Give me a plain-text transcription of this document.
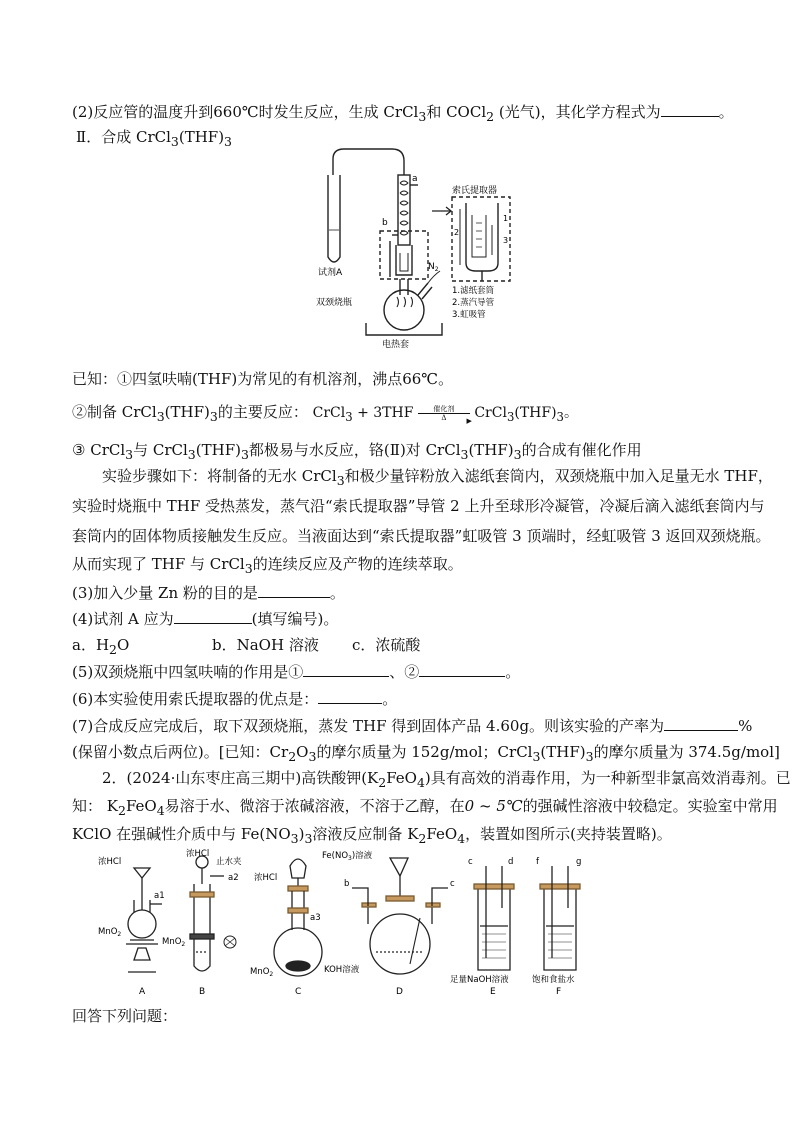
(2)反应管的温度升到660℃时发生反应，生成 CrCl$_3$和 COCl$_2$ (光气)，其化学方程式为	。
Ⅱ．合成 $CrCl_3(THF)_3$
a
b
试剂A
双颈烧瓶
$N_2$
电热套
索氏提取器
1
2
3
1.滤纸套筒
2.蒸汽导管
3.虹吸管
已知：①四氢呋喃(THF)为常见的有机溶剂，沸点66℃。
②制备 $CrCl_3(THF)_3$的主要反应： CrCl$_3$ + 3THF	催化剂
▶
Δ	$CrCl_3(THF)_3$。
③ CrCl$_3$与 $CrCl_3(THF)_3$都极易与水反应，铬(Ⅱ)对 $CrCl_3(THF)_3$的合成有催化作用
实验步骤如下：将制备的无水 CrCl$_3$和极少量锌粉放入滤纸套筒内，双颈烧瓶中加入足量无水 THF，
实验时烧瓶中 THF 受热蒸发，蒸气沿“索氏提取器”导管 2 上升至球形冷凝管，冷凝后滴入滤纸套筒内与
套筒内的固体物质接触发生反应。当液面达到“索氏提取器”虹吸管 3 顶端时，经虹吸管 3 返回双颈烧瓶。
从而实现了 THF 与 CrCl$_3$的连续反应及产物的连续萃取。
(3)加入少量 Zn 粉的目的是	。
(4)试剂 A 应为	(填写编号)。
a．$H_2O$	b．NaOH 溶液 c．浓硫酸
(5)双颈烧瓶中四氢呋喃的作用是①	、②	。
(6)本实验使用索氏提取器的优点是：	。
(7)合成反应完成后，取下双颈烧瓶，蒸发 THF 得到固体产品 4.60g。则该实验的产率为	%
(保留小数点后两位)。[已知：$Cr_2O_3$的摩尔质量为 152g/mol；$CrCl_3(THF)_3$的摩尔质量为 374.5g/mol]
2．(2024·山东枣庄高三期中)高铁酸钾$(K_2FeO_4)$具有高效的消毒作用，为一种新型非氯高效消毒剂。已
知： $K_2FeO_4$易溶于水、微溶于浓碱溶液，不溶于乙醇，在0 ~ 5℃的强碱性溶液中较稳定。实验室中常用
KClO 在强碱性介质中与 $Fe(NO_3)_3$溶液反应制备 $K_2FeO_4$，装置如图所示(夹持装置略)。
浓HCl
a1
MnO$_2$
浓HCl
止水夹
a2
MnO$_2$
浓HCl
a3
MnO$_2$
$Fe(NO_3)$溶液
b	c
KOH溶液
c	d
足量NaOH溶液
f	g
饱和食盐水
A	B	C	D	E	F
回答下列问题：
